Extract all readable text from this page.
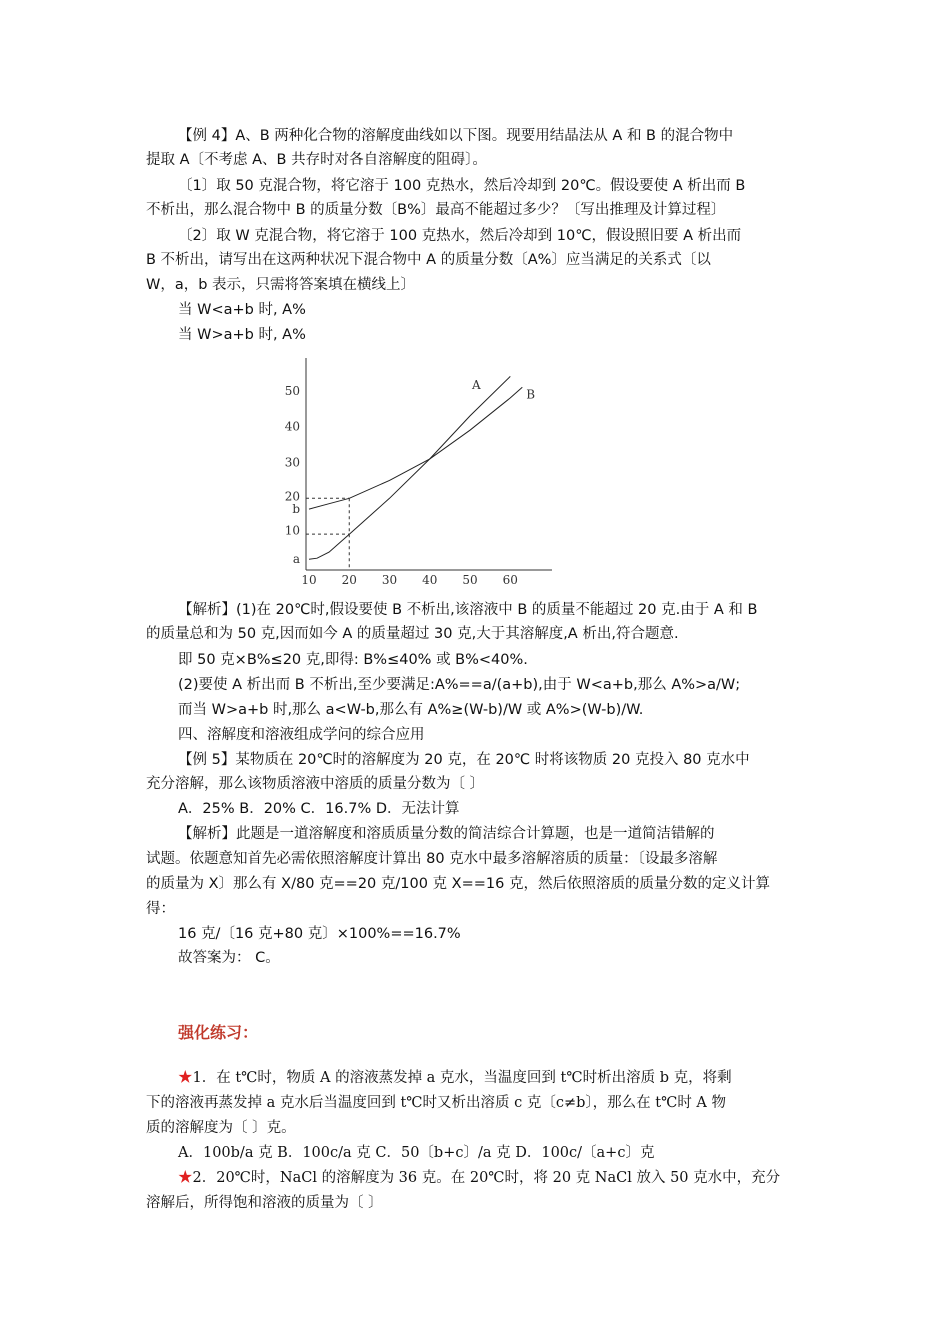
【例 4】A、B 两种化合物的溶解度曲线如以下图。现要用结晶法从 A 和 B 的混合物中
提取 A〔不考虑 A、B 共存时对各自溶解度的阻碍〕。
〔1〕取 50 克混合物，将它溶于 100 克热水，然后冷却到 20℃。假设要使 A 析出而 B
不析出，那么混合物中 B 的质量分数〔B%〕最高不能超过多少？〔写出推理及计算过程〕
〔2〕取 W 克混合物，将它溶于 100 克热水，然后冷却到 10℃，假设照旧要 A 析出而
B 不析出，请写出在这两种状况下混合物中 A 的质量分数〔A%〕应当满足的关系式〔以
W，a，b 表示，只需将答案填在横线上〕
当 W<a+b 时, A%
当 W>a+b 时, A%
10 20 30 40 50 60
a
10
b
20
30
40
50	A
B
【解析】(1)在 20℃时,假设要使 B 不析出,该溶液中 B 的质量不能超过 20 克.由于 A 和 B
的质量总和为 50 克,因而如今 A 的质量超过 30 克,大于其溶解度,A 析出,符合题意.
即 50 克×B%≤20 克,即得: B%≤40% 或 B%<40%.
(2)要使 A 析出而 B 不析出,至少要满足:A%==a/(a+b),由于 W<a+b,那么 A%>a/W;
而当 W>a+b 时,那么 a<W-b,那么有 A%≥(W-b)/W 或 A%>(W-b)/W.
四、溶解度和溶液组成学问的综合应用
【例 5】某物质在 20℃时的溶解度为 20 克，在 20℃ 时将该物质 20 克投入 80 克水中
充分溶解，那么该物质溶液中溶质的质量分数为〔 〕
A．25% B．20% C．16.7% D．无法计算
【解析】此题是一道溶解度和溶质质量分数的简洁综合计算题，也是一道简洁错解的
试题。依题意知首先必需依照溶解度计算出 80 克水中最多溶解溶质的质量：〔设最多溶解
的质量为 X〕那么有 X/80 克==20 克/100 克 X==16 克，然后依照溶质的质量分数的定义计算
得：
16 克/〔16 克+80 克〕×100%==16.7%
故答案为： C。
强化练习：
★1．在 t℃时，物质 A 的溶液蒸发掉 a 克水，当温度回到 t℃时析出溶质 b 克，将剩
下的溶液再蒸发掉 a 克水后当温度回到 t℃时又析出溶质 c 克〔c≠b〕，那么在 t℃时 A 物
质的溶解度为〔 〕克。
A．100b/a 克 B．100c/a 克 C．50〔b+c〕/a 克 D．100c/〔a+c〕克
★2．20℃时，NaCl 的溶解度为 36 克。在 20℃时，将 20 克 NaCl 放入 50 克水中，充分
溶解后，所得饱和溶液的质量为〔 〕
